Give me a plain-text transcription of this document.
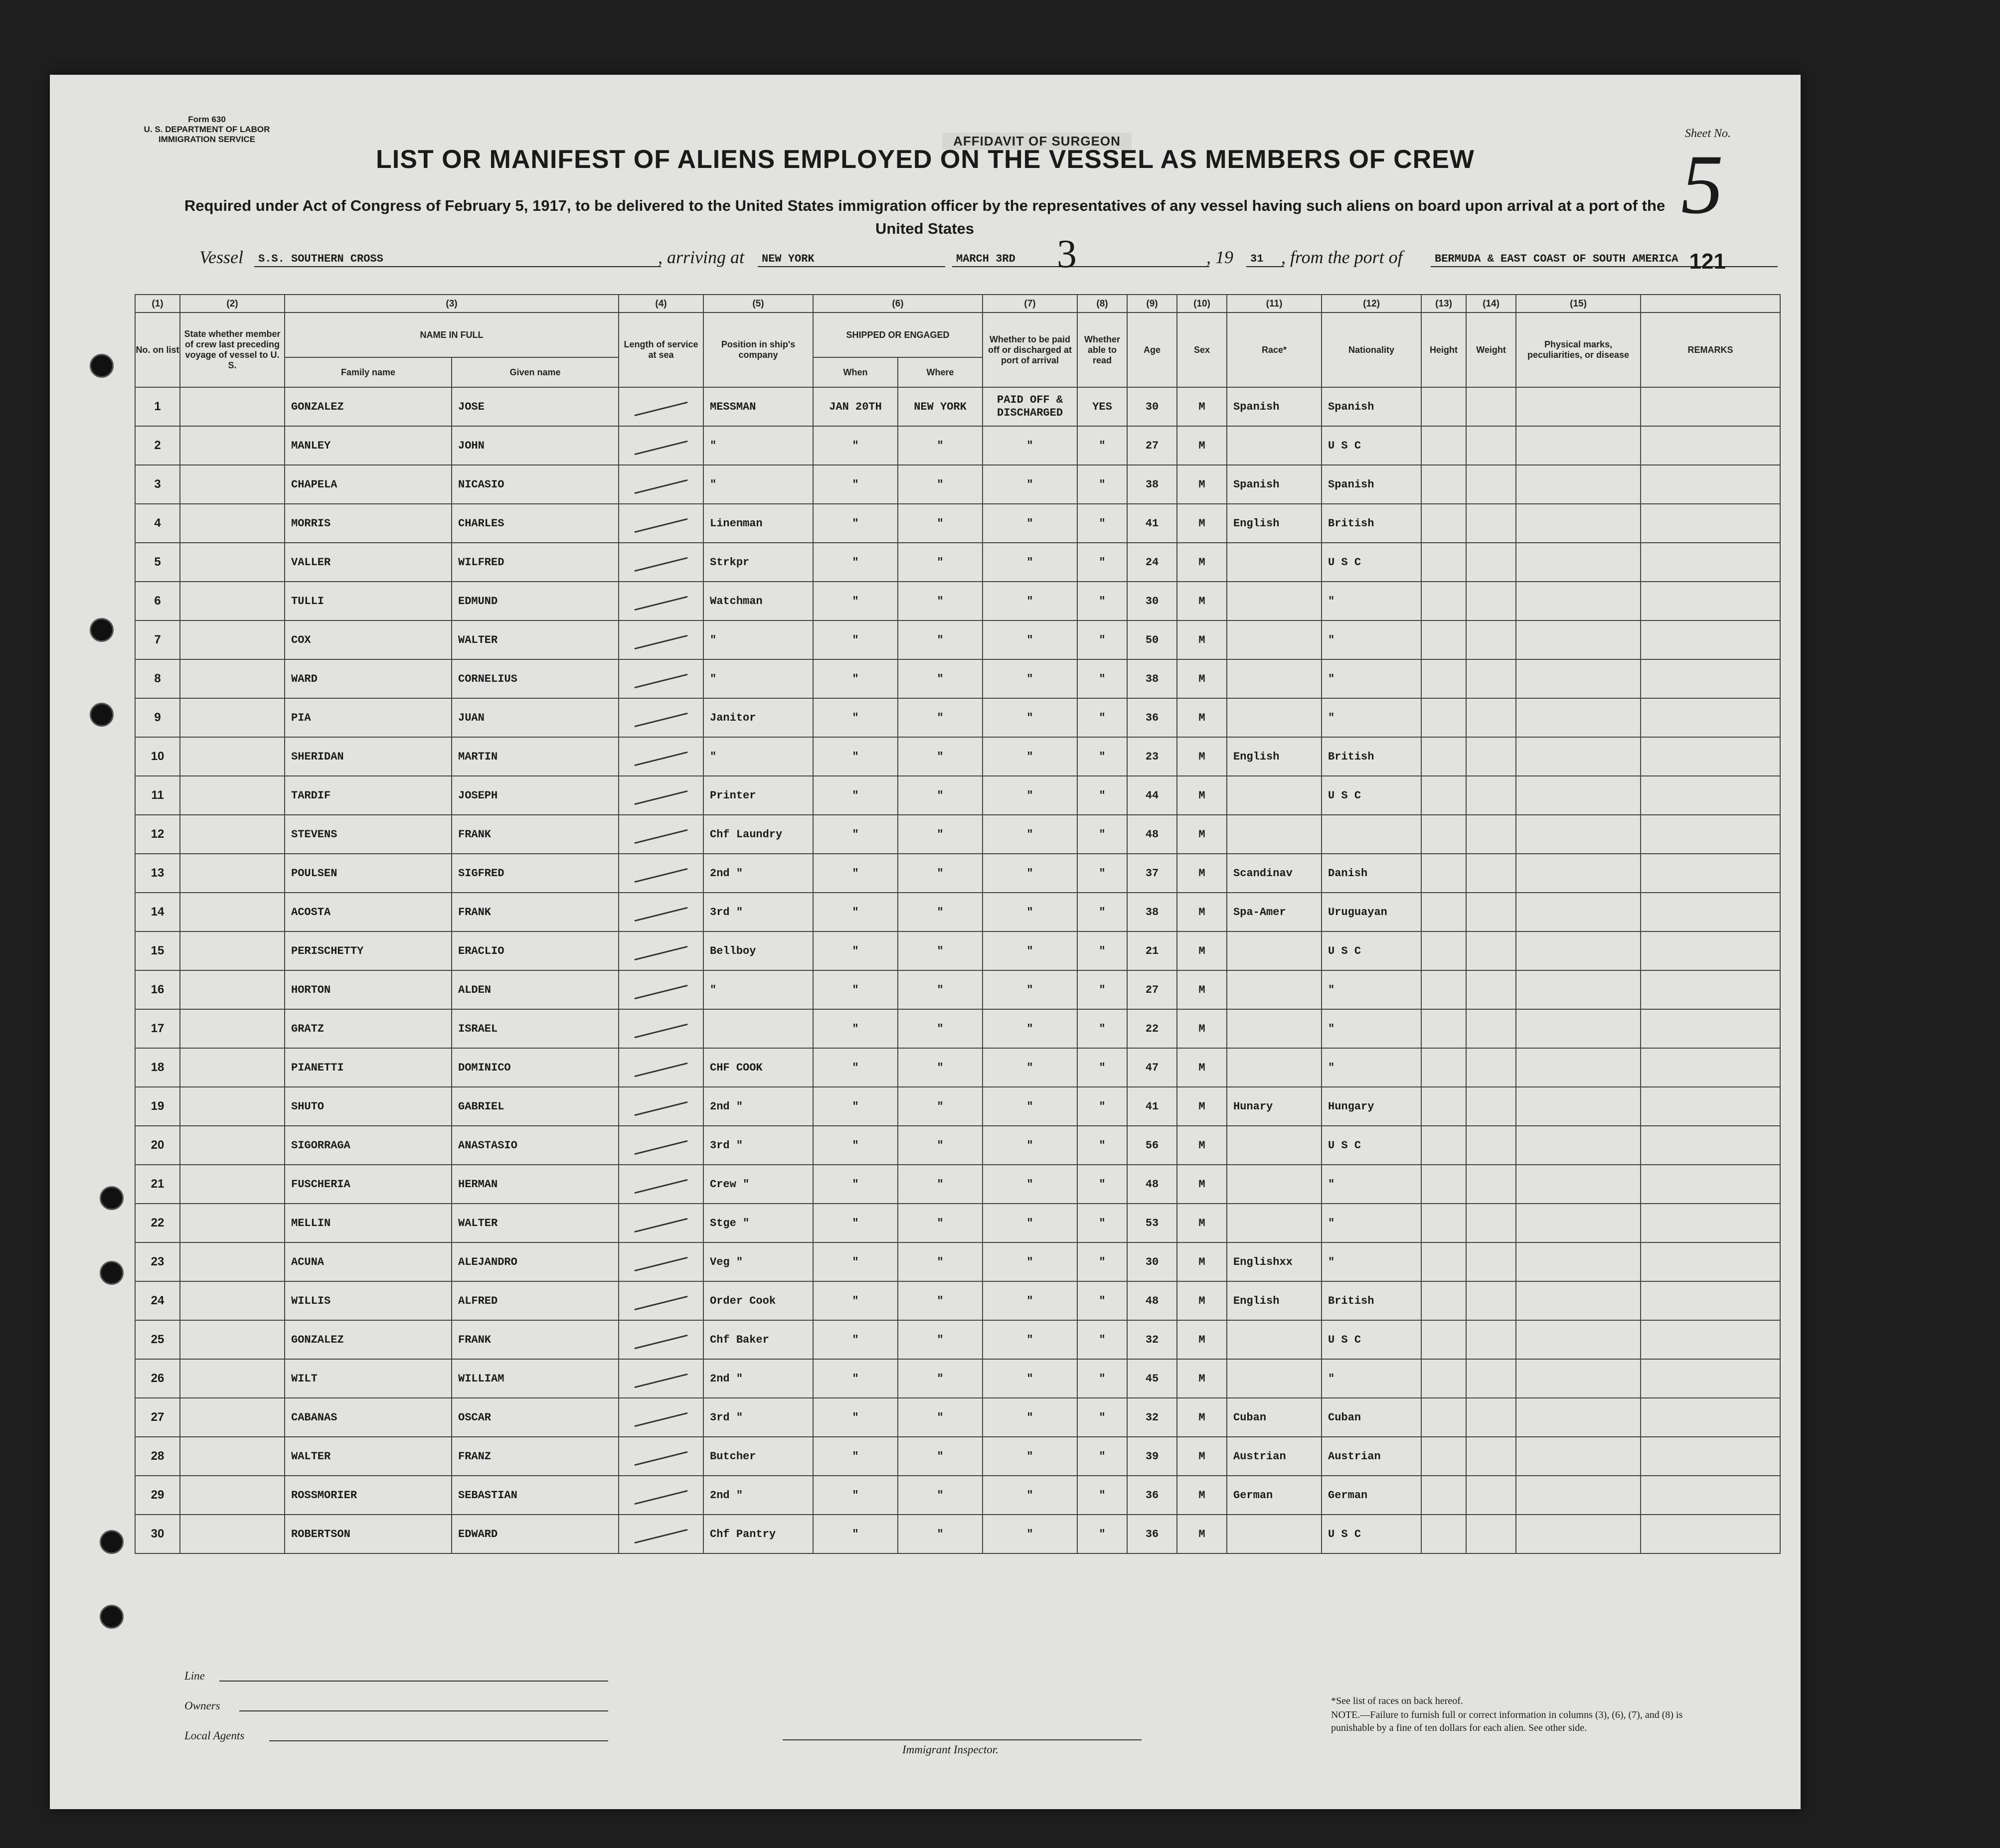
AFFIDAVIT OF SURGEON
Form 630
U. S. DEPARTMENT OF LABOR
IMMIGRATION SERVICE	Sheet No.
5
LIST OR MANIFEST OF ALIENS EMPLOYED ON THE VESSEL AS MEMBERS OF CREW
Required under Act of Congress of February 5, 1917, to be delivered to the United States immigration officer by the representatives of any vessel having such aliens on board upon arrival at a port of the United States
Vessel	S.S. SOUTHERN CROSS	, arriving at	NEW YORK	MARCH 3RD	3	, 19	31 , from the port of	BERMUDA & EAST COAST OF SOUTH AMERICA 121
(1)	(2)	(3)		(4)	(5)	(6)		(7)	(8)	(9)	(10)	(11)	(12)	(13)	(14)	(15)	
No. on list	State whether member of crew last preceding voyage of vessel to U. S.	NAME IN FULL		Length of service at sea	Position in ship's company	SHIPPED OR ENGAGED		Whether to be paid off or discharged at port of arrival	Whether able to read	Age	Sex	Race*	Nationality	Height	Weight	Physical marks, peculiarities, or disease	REMARKS
		Family name	Given name			When	Where										
1		GONZALEZ	JOSE		MESSMAN	JAN 20TH	NEW YORK	PAID OFF & DISCHARGED	YES	30	M	Spanish	Spanish				
2		MANLEY	JOHN		"	"	"	"	"	27	M		U S C				
3		CHAPELA	NICASIO		"	"	"	"	"	38	M	Spanish	Spanish				
4		MORRIS	CHARLES		Linenman	"	"	"	"	41	M	English	British				
5		VALLER	WILFRED		Strkpr	"	"	"	"	24	M		U S C				
6		TULLI	EDMUND		Watchman	"	"	"	"	30	M		"				
7		COX	WALTER		"	"	"	"	"	50	M		"				
8		WARD	CORNELIUS		"	"	"	"	"	38	M		"				
9		PIA	JUAN		Janitor	"	"	"	"	36	M		"				
10		SHERIDAN	MARTIN		"	"	"	"	"	23	M	English	British				
11		TARDIF	JOSEPH		Printer	"	"	"	"	44	M		U S C				
12		STEVENS	FRANK		Chf Laundry	"	"	"	"	48	M						
13		POULSEN	SIGFRED		2nd "	"	"	"	"	37	M	Scandinav	Danish				
14		ACOSTA	FRANK		3rd "	"	"	"	"	38	M	Spa-Amer	Uruguayan				
15		PERISCHETTY	ERACLIO		Bellboy	"	"	"	"	21	M		U S C				
16		HORTON	ALDEN		"	"	"	"	"	27	M		"				
17		GRATZ	ISRAEL			"	"	"	"	22	M		"				
18		PIANETTI	DOMINICO		CHF COOK	"	"	"	"	47	M		"				
19		SHUTO	GABRIEL		2nd "	"	"	"	"	41	M	Hunary	Hungary				
20		SIGORRAGA	ANASTASIO		3rd "	"	"	"	"	56	M		U S C				
21		FUSCHERIA	HERMAN		Crew "	"	"	"	"	48	M		"				
22		MELLIN	WALTER		Stge "	"	"	"	"	53	M		"				
23		ACUNA	ALEJANDRO		Veg "	"	"	"	"	30	M	Englishxx	"				
24		WILLIS	ALFRED		Order Cook	"	"	"	"	48	M	English	British				
25		GONZALEZ	FRANK		Chf Baker	"	"	"	"	32	M		U S C				
26		WILT	WILLIAM		2nd "	"	"	"	"	45	M		"				
27		CABANAS	OSCAR		3rd "	"	"	"	"	32	M	Cuban	Cuban				
28		WALTER	FRANZ		Butcher	"	"	"	"	39	M	Austrian	Austrian				
29		ROSSMORIER	SEBASTIAN		2nd "	"	"	"	"	36	M	German	German				
30		ROBERTSON	EDWARD		Chf Pantry	"	"	"	"	36	M		U S C				
Line
Owners
Local Agents
Immigrant Inspector.
*See list of races on back hereof.
NOTE.—Failure to furnish full or correct information in columns (3), (6), (7), and (8) is punishable by a fine of ten dollars for each alien. See other side.
